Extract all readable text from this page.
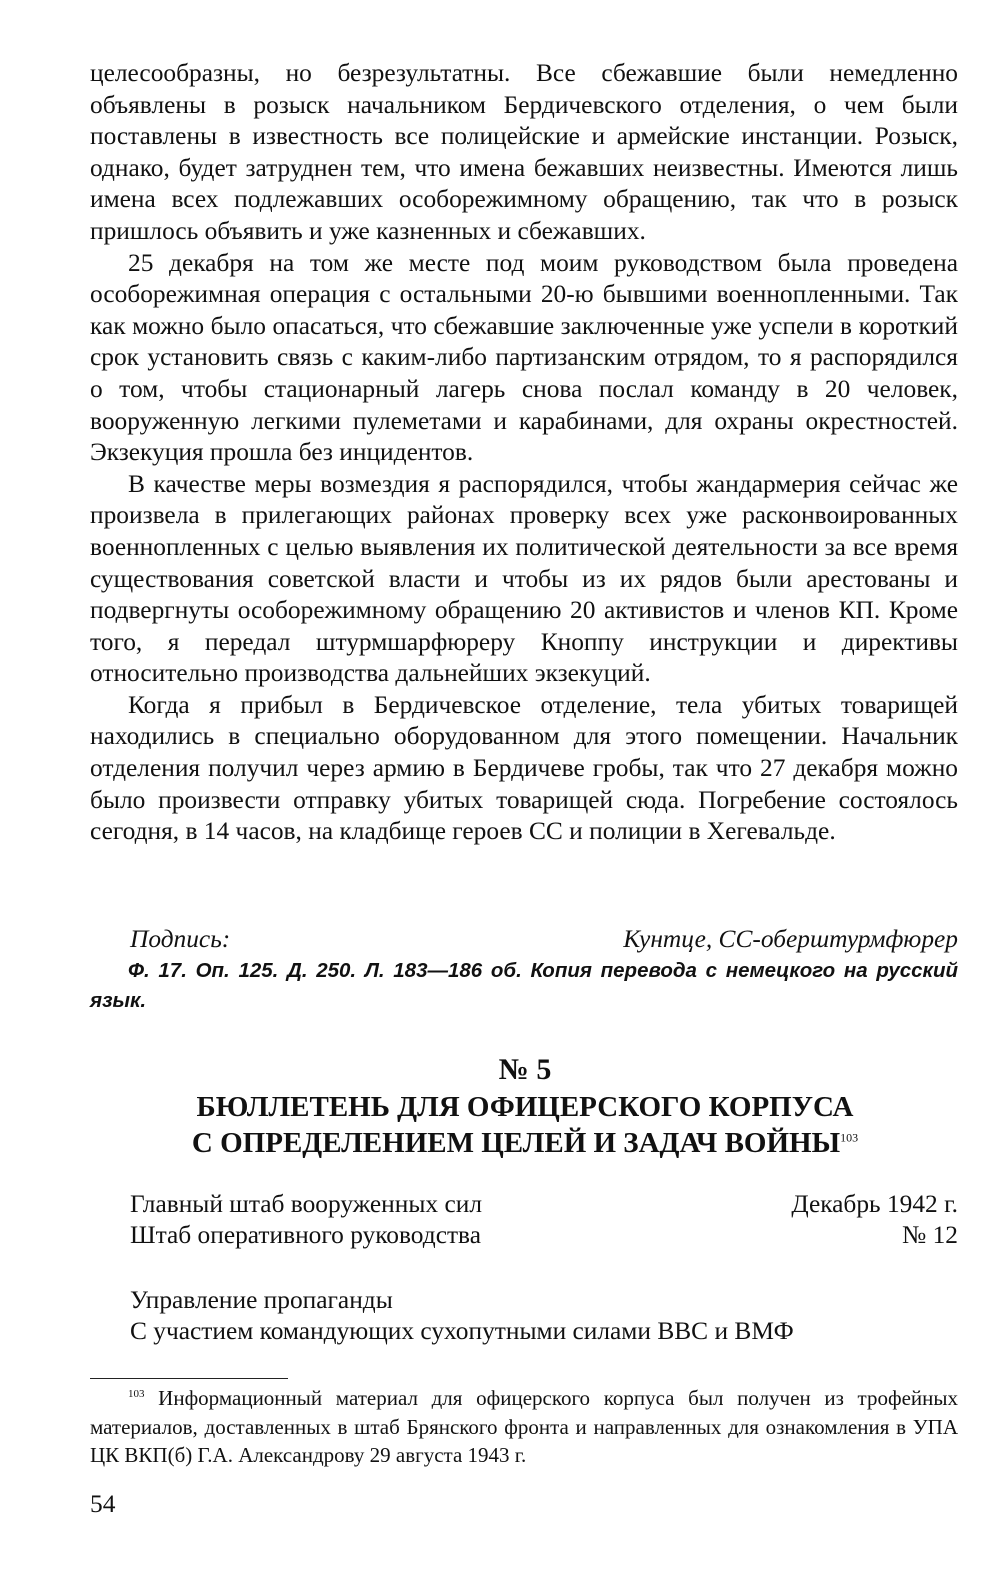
целесообразны, но безрезультатны. Все сбежавшие были немедленно объявлены в розыск начальником Бердичевского отделения, о чем были поставлены в известность все полицейские и армейские инстанции. Розыск, однако, будет затруднен тем, что имена бежавших неизвестны. Имеются лишь имена всех подлежавших особорежимному обращению, так что в розыск пришлось объявить и уже казненных и сбежавших.

25 декабря на том же месте под моим руководством была проведена особорежимная операция с остальными 20-ю бывшими военнопленными. Так как можно было опасаться, что сбежавшие заключенные уже успели в короткий срок установить связь с каким-либо партизанским отрядом, то я распорядился о том, чтобы стационарный лагерь снова послал команду в 20 человек, вооруженную легкими пулеметами и карабинами, для охраны окрестностей. Экзекуция прошла без инцидентов.

В качестве меры возмездия я распорядился, чтобы жандармерия сейчас же произвела в прилегающих районах проверку всех уже расконвоированных военнопленных с целью выявления их политической деятельности за все время существования советской власти и чтобы из их рядов были арестованы и подвергнуты особорежимному обращению 20 активистов и членов КП. Кроме того, я передал штурмшарфюреру Кноппу инструкции и директивы относительно производства дальнейших экзекуций.

Когда я прибыл в Бердичевское отделение, тела убитых товарищей находились в специально оборудованном для этого помещении. Начальник отделения получил через армию в Бердичеве гробы, так что 27 декабря можно было произвести отправку убитых товарищей сюда. Погребение состоялось сегодня, в 14 часов, на кладбище героев СС и полиции в Хегевальде.

Подпись:	Кунтце, СС-оберштурмфюрер
Ф. 17. Оп. 125. Д. 250. Л. 183—186 об. Копия перевода с немецкого на русский язык.
№ 5
БЮЛЛЕТЕНЬ ДЛЯ ОФИЦЕРСКОГО КОРПУСА
С ОПРЕДЕЛЕНИЕМ ЦЕЛЕЙ И ЗАДАЧ ВОЙНЫ$^{103}$
Главный штаб вооруженных сил	Декабрь 1942 г.
Штаб оперативного руководства	№ 12
Управление пропаганды
С участием командующих сухопутными силами ВВС и ВМФ
$^{103}$ Информационный материал для офицерского корпуса был получен из трофейных материалов, доставленных в штаб Брянского фронта и направленных для ознакомления в УПА ЦК ВКП(б) Г.А. Александрову 29 августа 1943 г.
54
